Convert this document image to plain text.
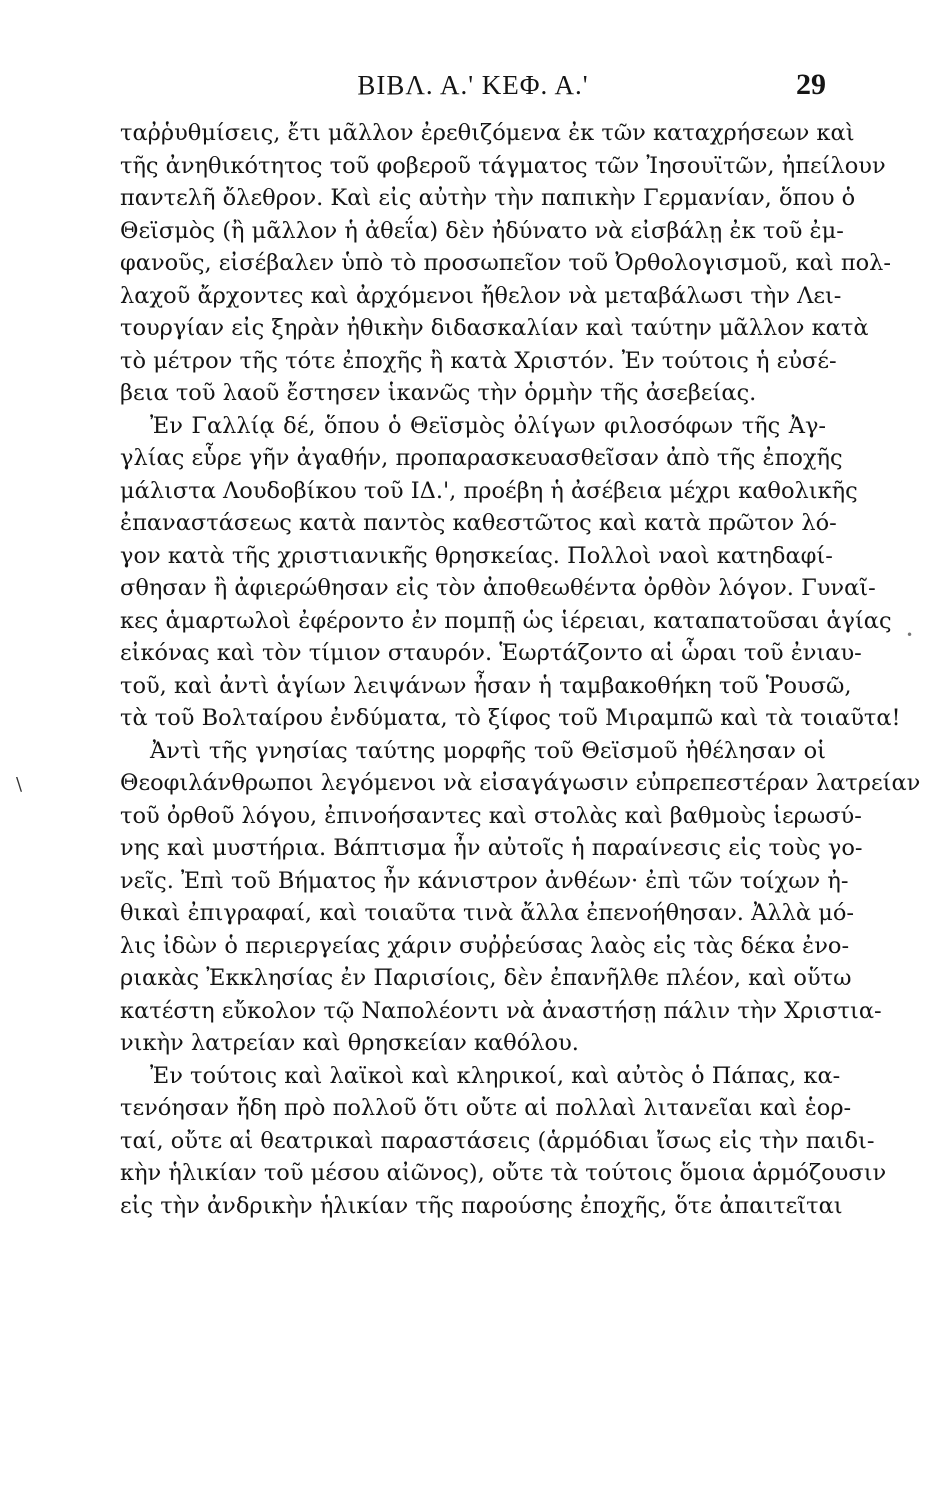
ΒΙΒΛ. Α.' ΚΕΦ. Α.'	29
ταῤῥυθμίσεις, ἔτι μᾶλλον ἐρεθιζόμενα ἐκ τῶν καταχρήσεων καὶ
τῆς ἀνηθικότητος τοῦ φοβεροῦ τάγματος τῶν Ἰησουϊτῶν, ἠπείλουν
παντελῆ ὄλεθρον. Καὶ εἰς αὐτὴν τὴν παπικὴν Γερμανίαν, ὅπου ὁ
Θεϊσμὸς (ἢ μᾶλλον ἡ ἀθεΐα) δὲν ἠδύνατο νὰ εἰσβάλῃ ἐκ τοῦ ἐμ-
φανοῦς, εἰσέβαλεν ὑπὸ τὸ προσωπεῖον τοῦ Ὀρθολογισμοῦ, καὶ πολ-
λαχοῦ ἄρχοντες καὶ ἀρχόμενοι ἤθελον νὰ μεταβάλωσι τὴν Λει-
τουργίαν εἰς ξηρὰν ἠθικὴν διδασκαλίαν καὶ ταύτην μᾶλλον κατὰ
τὸ μέτρον τῆς τότε ἐποχῆς ἢ κατὰ Χριστόν. Ἐν τούτοις ἡ εὐσέ-
βεια τοῦ λαοῦ ἔστησεν ἱκανῶς τὴν ὁρμὴν τῆς ἀσεβείας.
Ἐν Γαλλίᾳ δέ, ὅπου ὁ Θεϊσμὸς ὀλίγων φιλοσόφων τῆς Ἀγ-
γλίας εὗρε γῆν ἀγαθήν, προπαρασκευασθεῖσαν ἀπὸ τῆς ἐποχῆς
μάλιστα Λουδοβίκου τοῦ ΙΔ.', προέβη ἡ ἀσέβεια μέχρι καθολικῆς
ἐπαναστάσεως κατὰ παντὸς καθεστῶτος καὶ κατὰ πρῶτον λό-
γον κατὰ τῆς χριστιανικῆς θρησκείας. Πολλοὶ ναοὶ κατηδαφί-
σθησαν ἢ ἀφιερώθησαν εἰς τὸν ἀποθεωθέντα ὀρθὸν λόγον. Γυναῖ-
κες ἁμαρτωλοὶ ἐφέροντο ἐν πομπῇ ὡς ἱέρειαι, καταπατοῦσαι ἁγίας
εἰκόνας καὶ τὸν τίμιον σταυρόν. Ἑωρτάζοντο αἱ ὧραι τοῦ ἐνιαυ-
τοῦ, καὶ ἀντὶ ἁγίων λειψάνων ἦσαν ἡ ταμβακοθήκη τοῦ Ῥουσῶ,
τὰ τοῦ Βολταίρου ἐνδύματα, τὸ ξίφος τοῦ Μιραμπῶ καὶ τὰ τοιαῦτα!
Ἀντὶ τῆς γνησίας ταύτης μορφῆς τοῦ Θεϊσμοῦ ἠθέλησαν οἱ
Θεοφιλάνθρωποι λεγόμενοι νὰ εἰσαγάγωσιν εὐπρεπεστέραν λατρείαν
τοῦ ὀρθοῦ λόγου, ἐπινοήσαντες καὶ στολὰς καὶ βαθμοὺς ἱερωσύ-
νης καὶ μυστήρια. Βάπτισμα ἦν αὐτοῖς ἡ παραίνεσις εἰς τοὺς γο-
νεῖς. Ἐπὶ τοῦ Βήματος ἦν κάνιστρον ἀνθέων· ἐπὶ τῶν τοίχων ἠ-
θικαὶ ἐπιγραφαί, καὶ τοιαῦτα τινὰ ἄλλα ἐπενοήθησαν. Ἀλλὰ μό-
λις ἰδὼν ὁ περιεργείας χάριν συῤῥεύσας λαὸς εἰς τὰς δέκα ἐνο-
ριακὰς Ἐκκλησίας ἐν Παρισίοις, δὲν ἐπανῆλθε πλέον, καὶ οὕτω
κατέστη εὔκολον τῷ Ναπολέοντι νὰ ἀναστήσῃ πάλιν τὴν Χριστια-
νικὴν λατρείαν καὶ θρησκείαν καθόλου.
Ἐν τούτοις καὶ λαϊκοὶ καὶ κληρικοί, καὶ αὐτὸς ὁ Πάπας, κα-
τενόησαν ἤδη πρὸ πολλοῦ ὅτι οὔτε αἱ πολλαὶ λιτανεῖαι καὶ ἑορ-
ταί, οὔτε αἱ θεατρικαὶ παραστάσεις (ἁρμόδιαι ἴσως εἰς τὴν παιδι-
κὴν ἡλικίαν τοῦ μέσου αἰῶνος), οὔτε τὰ τούτοις ὅμοια ἁρμόζουσιν
εἰς τὴν ἀνδρικὴν ἡλικίαν τῆς παρούσης ἐποχῆς, ὅτε ἀπαιτεῖται
\
•
